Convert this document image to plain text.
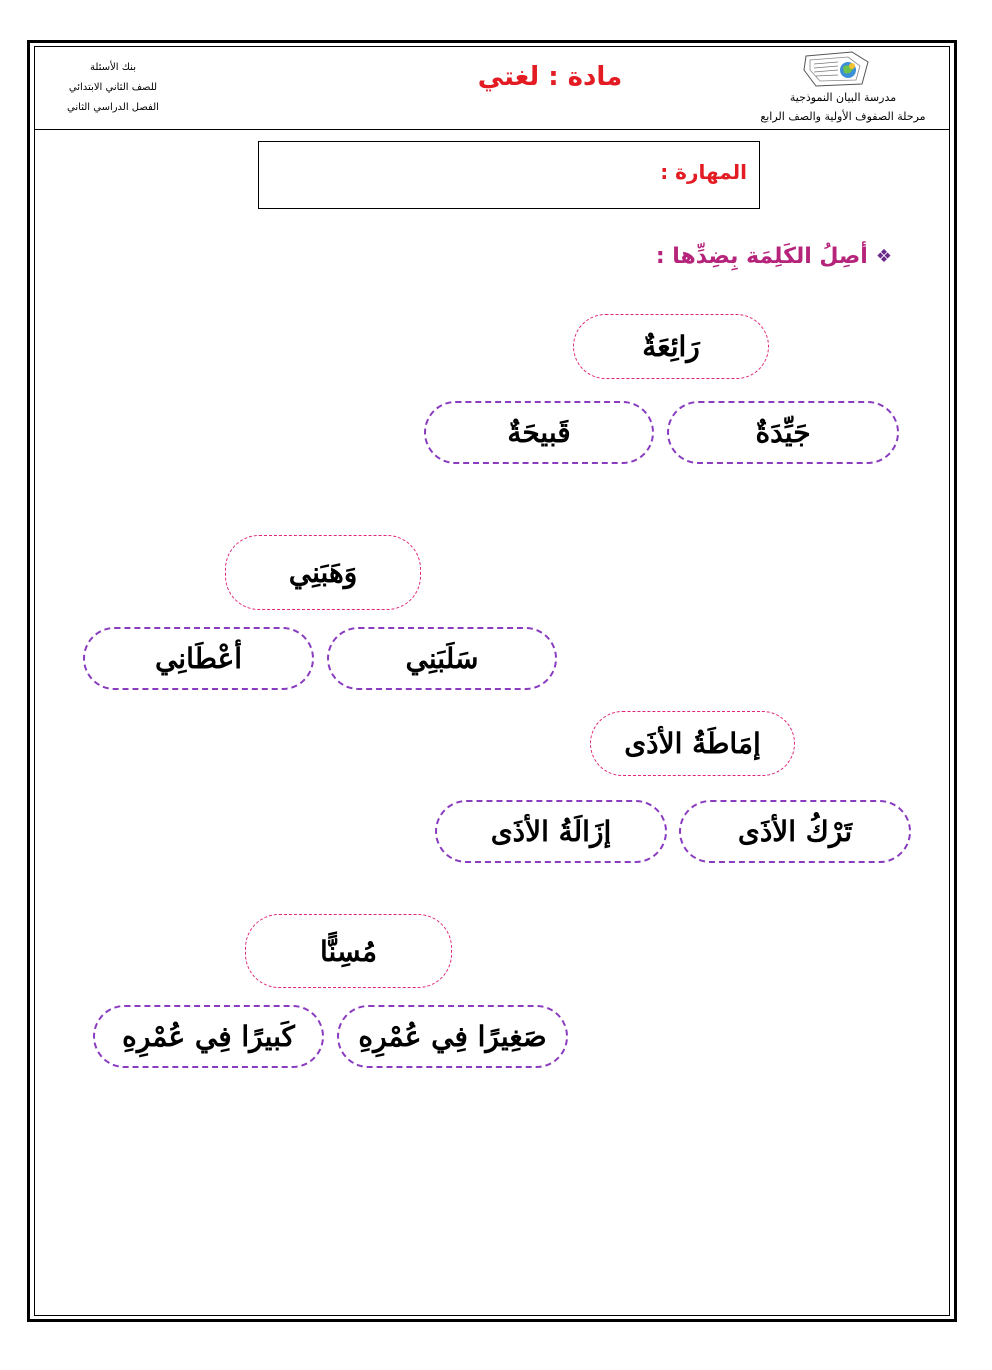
بنك الأسئلة
للصف الثاني الابتدائي
الفصل الدراسي الثاني
مادة : لغتي
مدرسة البيان النموذجية
مرحلة الصفوف الأولية والصف الرابع
المهارة :
❖
أصِلُ الكَلِمَة بِضِدِّها :
رَائِعَةٌ
جَيِّدَةٌ
قَبيحَةٌ
وَهَبَنِي
سَلَبَنِي
أعْطَانِي
إمَاطَةُ الأذَى
تَرْكُ الأذَى
إزَالَةُ الأذَى
مُسِنًّا
صَغِيرًا فِي عُمْرِهِ
كَبيرًا فِي عُمْرِهِ
